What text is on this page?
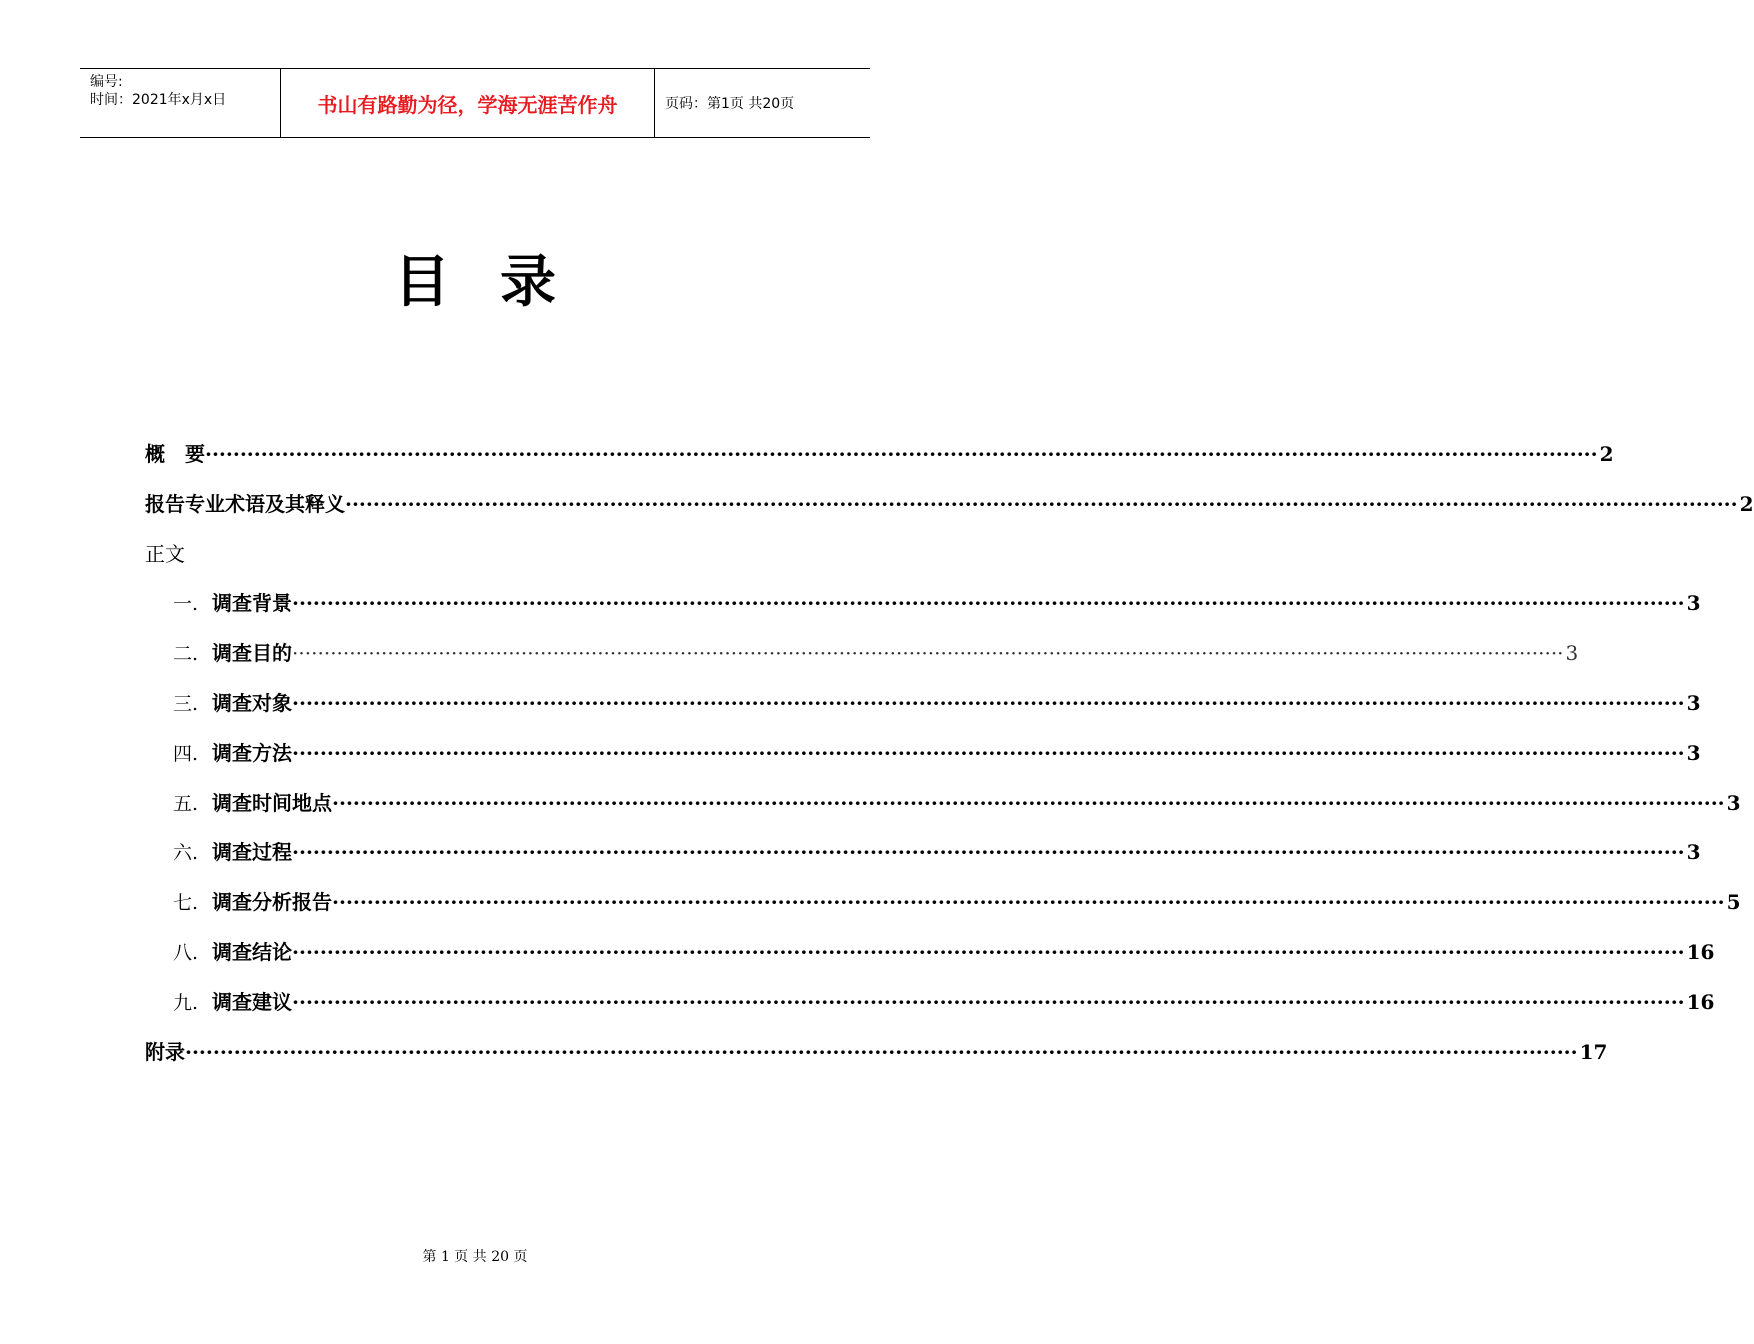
编号:
时间：2021年x月x日	书山有路勤为径，学海无涯苦作舟	页码：第1页 共20页
目 录
概　要 ········································································································································································································ 2
报告专业术语及其释义 ········································································································································································································ 2
正文
一. 调查背景 ········································································································································································································ 3
二. 调查目的 ········································································································································································································ 3
三. 调查对象 ········································································································································································································ 3
四. 调查方法 ········································································································································································································ 3
五. 调查时间地点 ········································································································································································································ 3
六. 调查过程 ········································································································································································································ 3
七. 调查分析报告 ········································································································································································································ 5
八. 调查结论 ········································································································································································································ 16
九. 调查建议 ········································································································································································································ 16
附录 ········································································································································································································ 17
第 1 页 共 20 页
